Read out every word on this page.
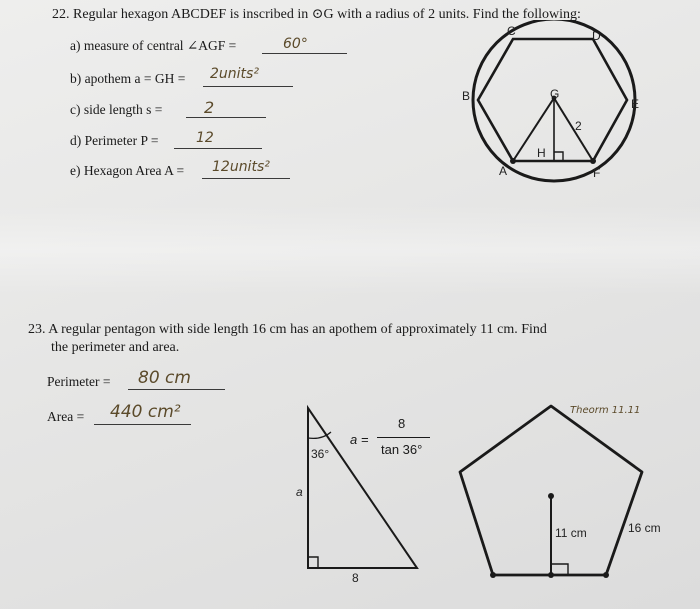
22. Regular hexagon ABCDEF is inscribed in ⊙G with a radius of 2 units. Find the following:
a) measure of central ∠AGF =	60°
b) apothem a = GH = 2units²
c) side length s =	2
d) Perimeter P =	12
e) Hexagon Area A = 12units²	A
B
C	D
E
F
G
H
2
23. A regular pentagon with side length 16 cm has an apothem of approximately 11 cm. Find
the perimeter and area.
Perimeter = 80 cm
Area = 440 cm²
36°
a
8
a =
8
tan 36°
11 cm	16 cm
Theorm 11.11
